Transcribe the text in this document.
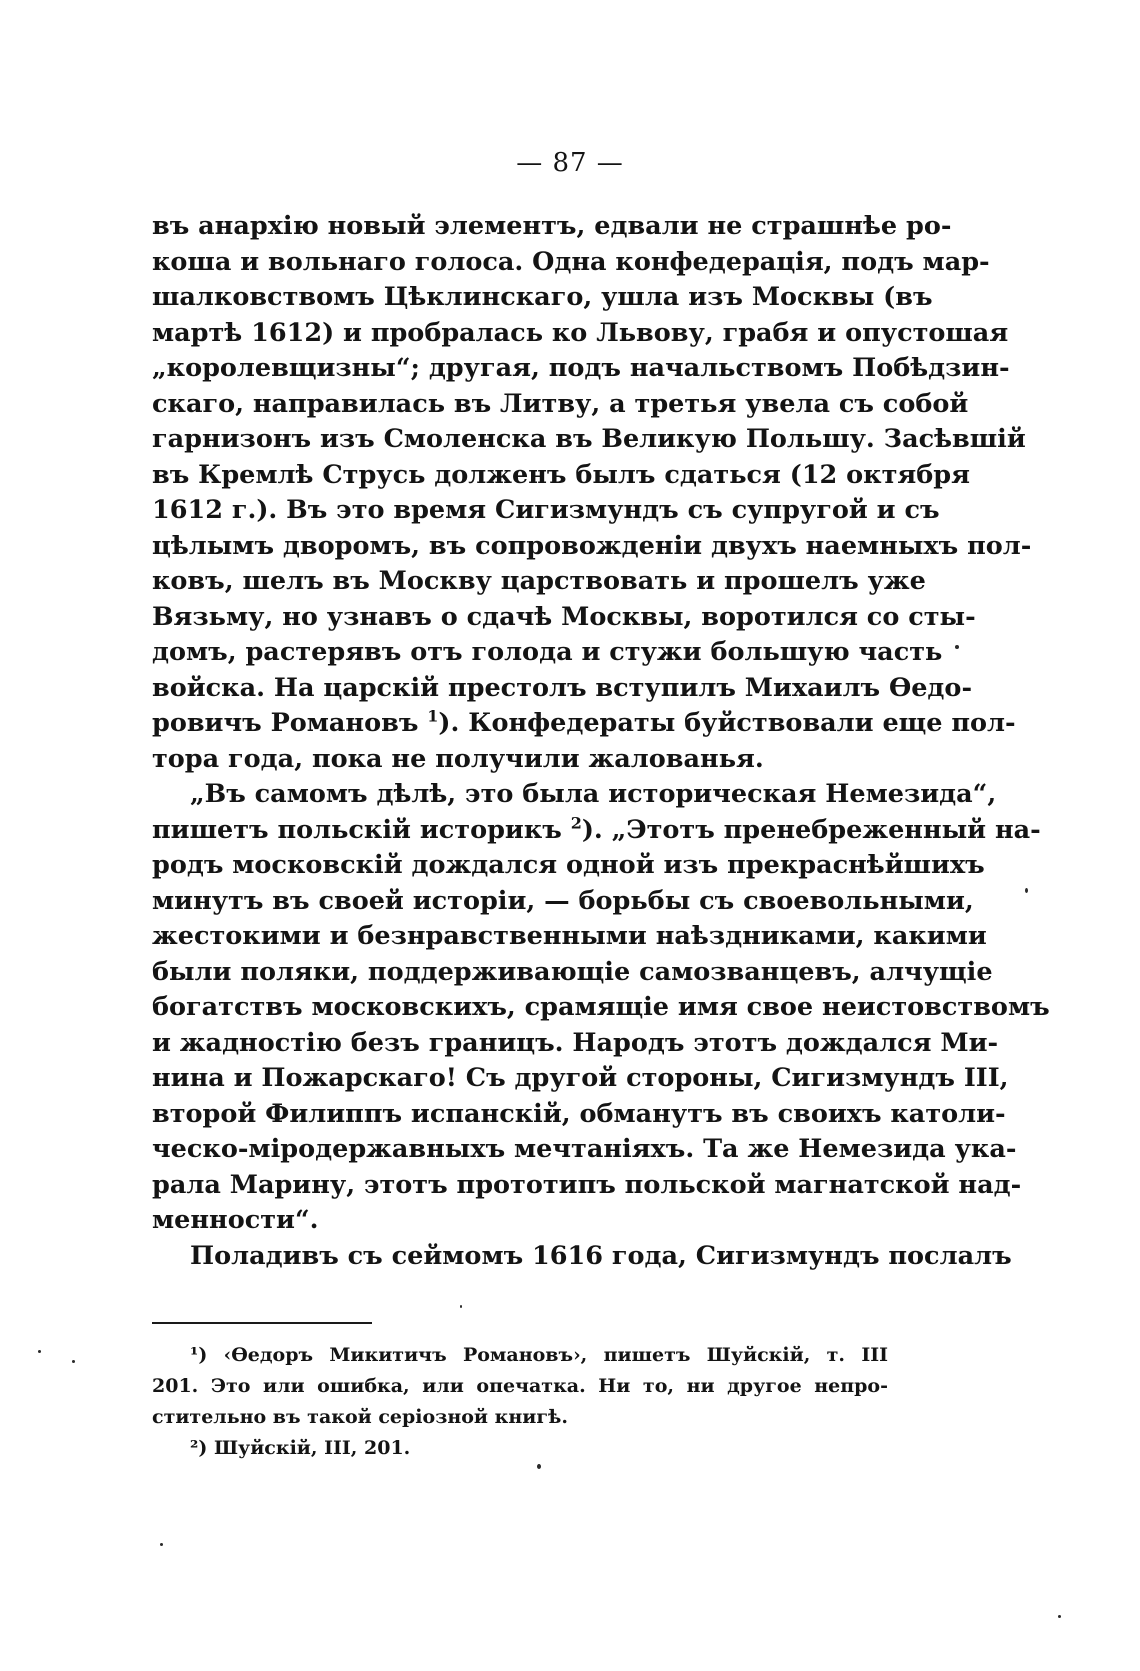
— 87 —
въ анархію новый элементъ, едвали не страшнѣе ро-
коша и вольнаго голоса. Одна конфедерація, подъ мар-
шалковствомъ Цѣклинскаго, ушла изъ Москвы (въ
мартѣ 1612) и пробралась ко Львову, грабя и опустошая
„королевщизны“; другая, подъ начальствомъ Побѣдзин-
скаго, направилась въ Литву, а третья увела съ собой
гарнизонъ изъ Смоленска въ Великую Польшу. Засѣвшій
въ Кремлѣ Струсь долженъ былъ сдаться (12 октября
1612 г.). Въ это время Сигизмундъ съ супругой и съ
цѣлымъ дворомъ, въ сопровожденіи двухъ наемныхъ пол-
ковъ, шелъ въ Москву царствовать и прошелъ уже
Вязьму, но узнавъ о сдачѣ Москвы, воротился со сты-
домъ, растерявъ отъ голода и стужи большую часть
войска. На царскій престолъ вступилъ Михаилъ Ѳедо-
ровичъ Романовъ $^1$). Конфедераты буйствовали еще пол-
тора года, пока не получили жалованья.
„Въ самомъ дѣлѣ, это была историческая Немезида“,
пишетъ польскій историкъ $^2$). „Этотъ пренебреженный на-
родъ московскій дождался одной изъ прекраснѣйшихъ
минутъ въ своей исторіи, — борьбы съ своевольными,
жестокими и безнравственными наѣздниками, какими
были поляки, поддерживающіе самозванцевъ, алчущіе
богатствъ московскихъ, срамящіе имя свое неистовствомъ
и жадностію безъ границъ. Народъ этотъ дождался Ми-
нина и Пожарскаго! Съ другой стороны, Сигизмундъ III,
второй Филиппъ испанскій, обманутъ въ своихъ католи-
ческо-міродержавныхъ мечтаніяхъ. Та же Немезида ука-
рала Марину, этотъ прототипъ польской магнатской над-
менности“.
Поладивъ съ сеймомъ 1616 года, Сигизмундъ послалъ
¹) ‹Ѳедоръ Микитичъ Романовъ›, пишетъ Шуйскій, т. III
201. Это или ошибка, или опечатка. Ни то, ни другое непро-
стительно въ такой серіозной книгѣ.
²) Шуйскій, III, 201.
